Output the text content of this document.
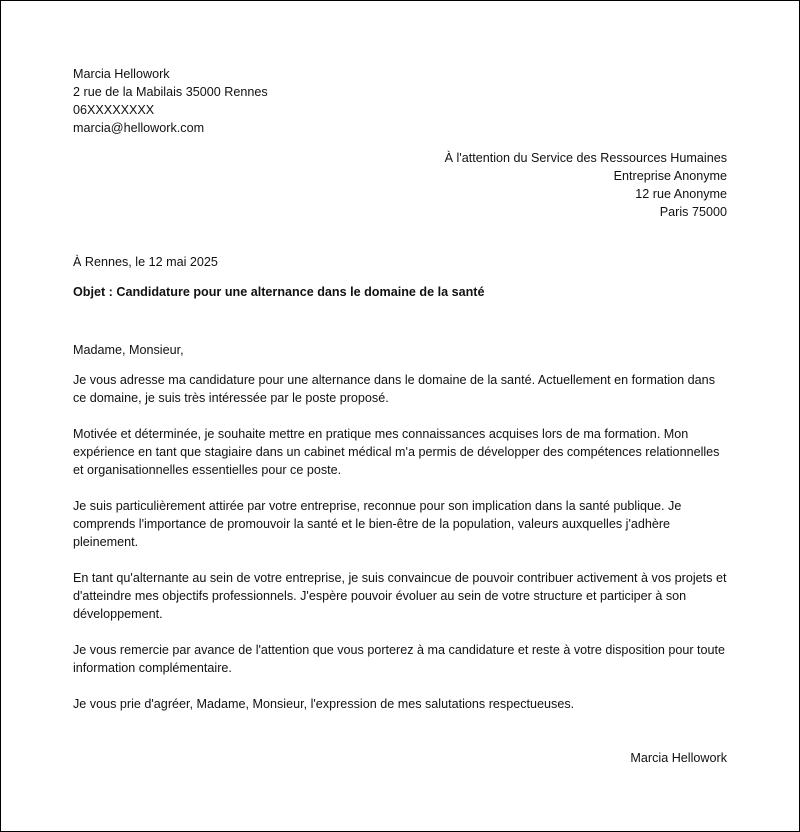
Marcia Hellowork
2 rue de la Mabilais 35000 Rennes
06XXXXXXXX
marcia@hellowork.com
À l'attention du Service des Ressources Humaines
Entreprise Anonyme
12 rue Anonyme
Paris 75000
À Rennes, le 12 mai 2025
Objet : Candidature pour une alternance dans le domaine de la santé
Madame, Monsieur,

Je vous adresse ma candidature pour une alternance dans le domaine de la santé. Actuellement en formation dans ce domaine, je suis très intéressée par le poste proposé.

Motivée et déterminée, je souhaite mettre en pratique mes connaissances acquises lors de ma formation. Mon expérience en tant que stagiaire dans un cabinet médical m'a permis de développer des compétences relationnelles et organisationnelles essentielles pour ce poste.

Je suis particulièrement attirée par votre entreprise, reconnue pour son implication dans la santé publique. Je comprends l'importance de promouvoir la santé et le bien-être de la population, valeurs auxquelles j'adhère pleinement.

En tant qu'alternante au sein de votre entreprise, je suis convaincue de pouvoir contribuer activement à vos projets et d'atteindre mes objectifs professionnels. J'espère pouvoir évoluer au sein de votre structure et participer à son développement.

Je vous remercie par avance de l'attention que vous porterez à ma candidature et reste à votre disposition pour toute information complémentaire.

Je vous prie d'agréer, Madame, Monsieur, l'expression de mes salutations respectueuses.
Marcia Hellowork
